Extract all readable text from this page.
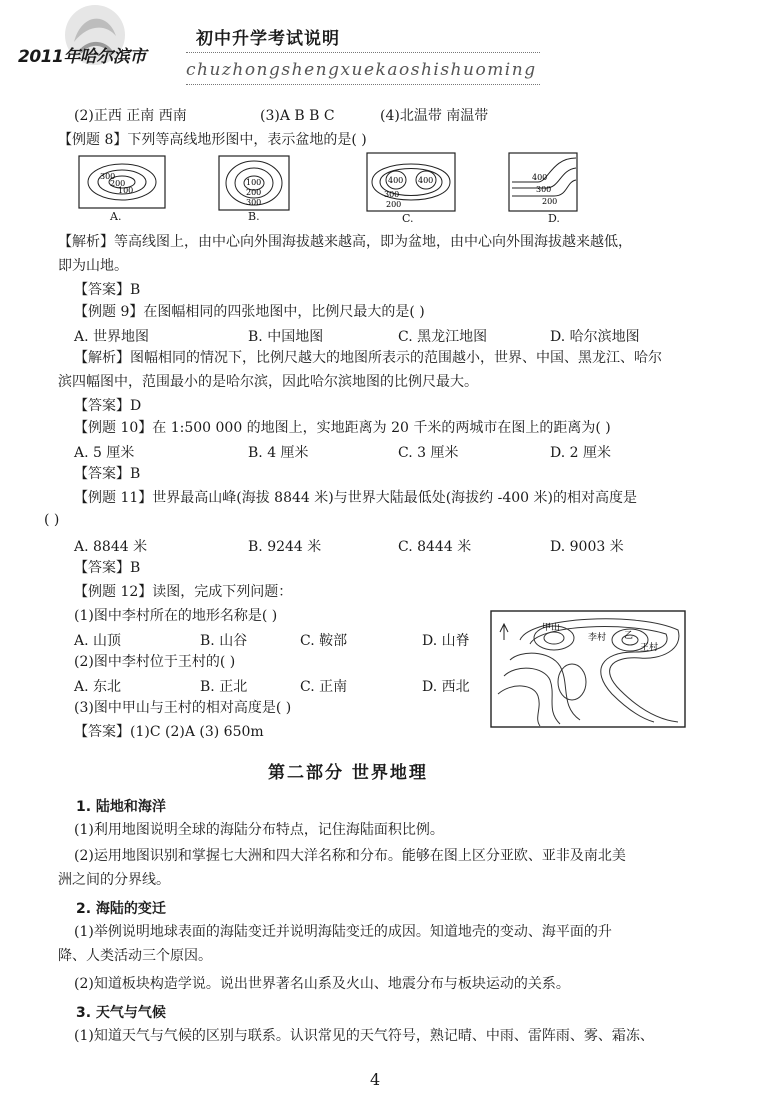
2011年哈尔滨市
初中升学考试说明
chuzhongshengxuekaoshishuoming
(2)正西 正南 西南	(3)A B B C	(4)北温带 南温带
【例题 8】下列等高线地形图中，表示盆地的是( )
300
200
100
A.
100
200
300
B.
400 400
300
200
C.
400
300
200
D.
【解析】等高线图上，由中心向外围海拔越来越高，即为盆地，由中心向外围海拔越来越低，
即为山地。
【答案】B
【例题 9】在图幅相同的四张地图中，比例尺最大的是( )
A. 世界地图	B. 中国地图	C. 黑龙江地图	D. 哈尔滨地图
【解析】图幅相同的情况下，比例尺越大的地图所表示的范围越小，世界、中国、黑龙江、哈尔
滨四幅图中，范围最小的是哈尔滨，因此哈尔滨地图的比例尺最大。
【答案】D
【例题 10】在 1:500 000 的地图上，实地距离为 20 千米的两城市在图上的距离为( )
A. 5 厘米	B. 4 厘米	C. 3 厘米	D. 2 厘米
【答案】B
【例题 11】世界最高山峰(海拔 8844 米)与世界大陆最低处(海拔约 -400 米)的相对高度是
( )
A. 8844 米	B. 9244 米	C. 8444 米	D. 9003 米
【答案】B
【例题 12】读图，完成下列问题：
(1)图中李村所在的地形名称是( )
A. 山顶	B. 山谷	C. 鞍部	D. 山脊
(2)图中李村位于王村的( )
A. 东北	B. 正北	C. 正南	D. 西北
(3)图中甲山与王村的相对高度是( )
【答案】(1)C (2)A (3) 650m
甲山
李村 乙
王村
第二部分 世界地理
1. 陆地和海洋
(1)利用地图说明全球的海陆分布特点，记住海陆面积比例。
(2)运用地图识别和掌握七大洲和四大洋名称和分布。能够在图上区分亚欧、亚非及南北美
洲之间的分界线。
2. 海陆的变迁
(1)举例说明地球表面的海陆变迁并说明海陆变迁的成因。知道地壳的变动、海平面的升
降、人类活动三个原因。
(2)知道板块构造学说。说出世界著名山系及火山、地震分布与板块运动的关系。
3. 天气与气候
(1)知道天气与气候的区别与联系。认识常见的天气符号，熟记晴、中雨、雷阵雨、雾、霜冻、
4
